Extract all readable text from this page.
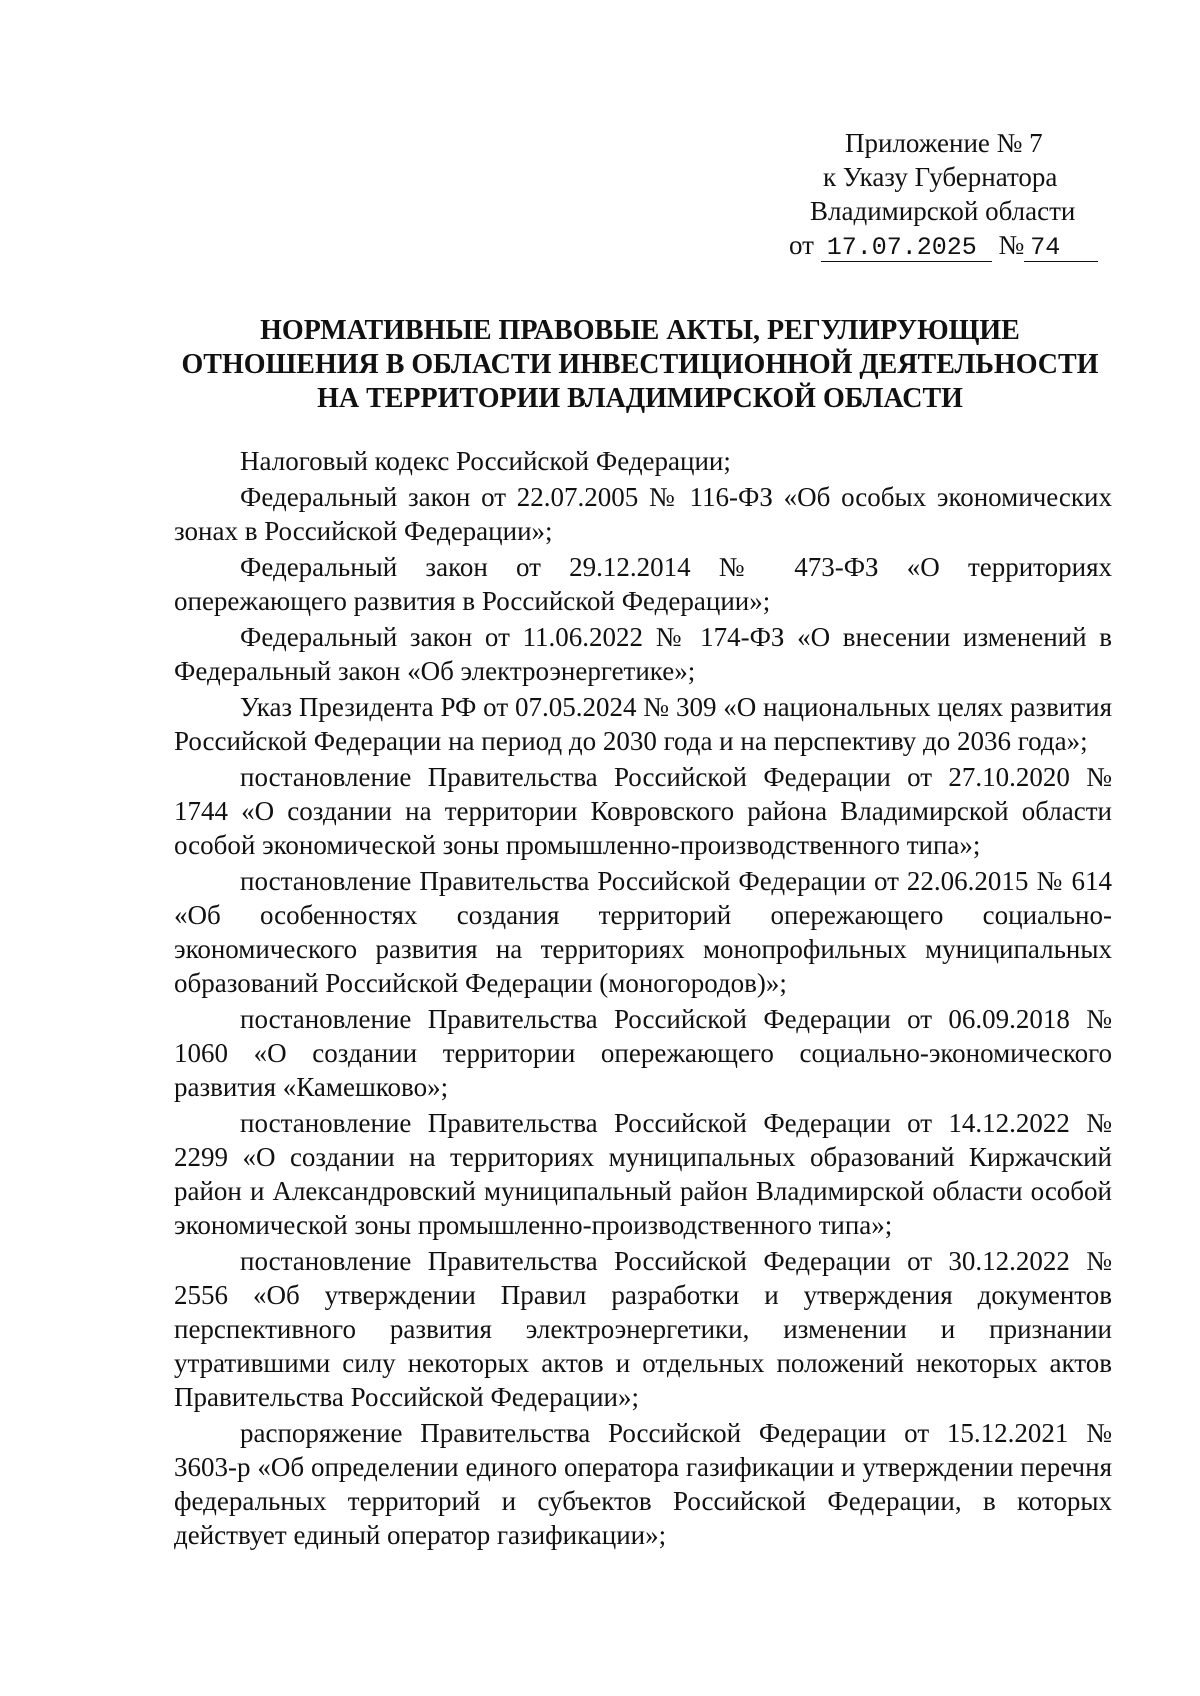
Приложение № 7
к Указу Губернатора
Владимирской области
от 17.07.2025 № 74
НОРМАТИВНЫЕ ПРАВОВЫЕ АКТЫ, РЕГУЛИРУЮЩИЕ
ОТНОШЕНИЯ В ОБЛАСТИ ИНВЕСТИЦИОННОЙ ДЕЯТЕЛЬНОСТИ
НА ТЕРРИТОРИИ ВЛАДИМИРСКОЙ ОБЛАСТИ

Налоговый кодекс Российской Федерации;

Федеральный закон от 22.07.2005 № 116-ФЗ «Об особых экономических зонах в Российской Федерации»;

Федеральный закон от 29.12.2014 № 473-ФЗ «О территориях опережающего развития в Российской Федерации»;

Федеральный закон от 11.06.2022 № 174-ФЗ «О внесении изменений в Федеральный закон «Об электроэнергетике»;

Указ Президента РФ от 07.05.2024 № 309 «О национальных целях развития Российской Федерации на период до 2030 года и на перспективу до 2036 года»;

постановление Правительства Российской Федерации от 27.10.2020 № 1744 «О создании на территории Ковровского района Владимирской области особой экономической зоны промышленно-производственного типа»;

постановление Правительства Российской Федерации от 22.06.2015 № 614 «Об особенностях создания территорий опережающего социально-экономического развития на территориях монопрофильных муниципальных образований Российской Федерации (моногородов)»;

постановление Правительства Российской Федерации от 06.09.2018 № 1060 «О создании территории опережающего социально-экономического развития «Камешково»;

постановление Правительства Российской Федерации от 14.12.2022 № 2299 «О создании на территориях муниципальных образований Киржачский район и Александровский муниципальный район Владимирской области особой экономической зоны промышленно-производственного типа»;

постановление Правительства Российской Федерации от 30.12.2022 № 2556 «Об утверждении Правил разработки и утверждения документов перспективного развития электроэнергетики, изменении и признании утратившими силу некоторых актов и отдельных положений некоторых актов Правительства Российской Федерации»;

распоряжение Правительства Российской Федерации от 15.12.2021 № 3603-р «Об определении единого оператора газификации и утверждении перечня федеральных территорий и субъектов Российской Федерации, в которых действует единый оператор газификации»;
